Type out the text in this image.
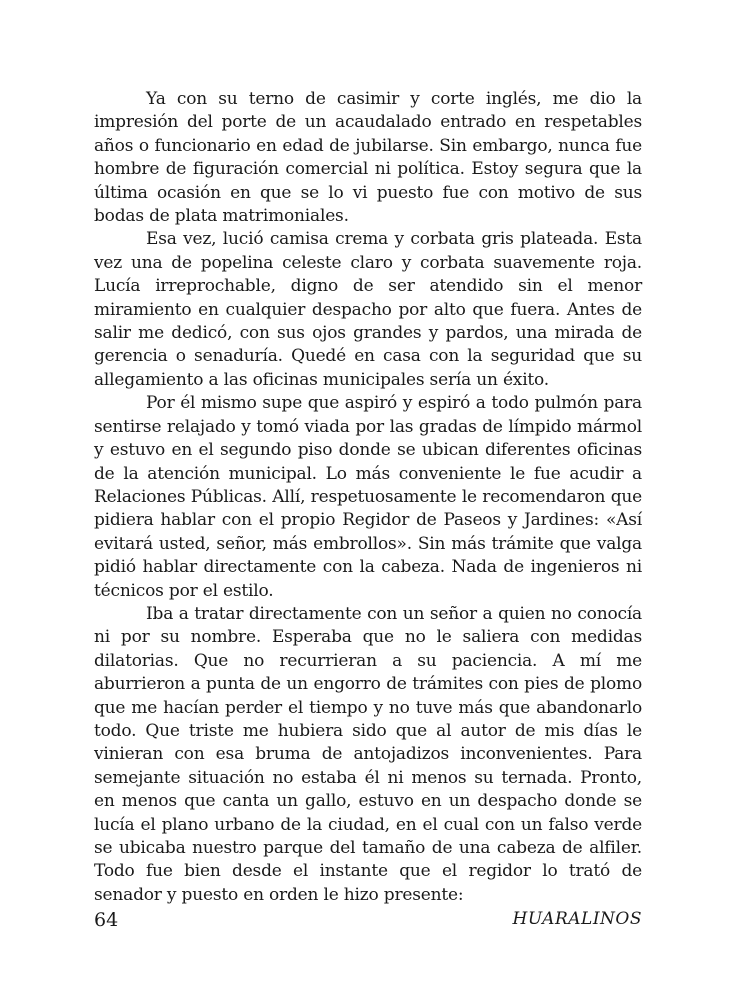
Ya con su terno de casimir y corte inglés, me dio la impresión del porte de un acaudalado entrado en respetables años o funcionario en edad de jubilarse. Sin embargo, nunca fue hombre de figuración comercial ni política. Estoy segura que la última ocasión en que se lo vi puesto fue con motivo de sus bodas de plata matrimoniales.

Esa vez, lució camisa crema y corbata gris plateada. Esta vez una de popelina celeste claro y corbata suavemente roja. Lucía irreprochable, digno de ser atendido sin el menor miramiento en cualquier despacho por alto que fuera. Antes de salir me dedicó, con sus ojos grandes y pardos, una mirada de gerencia o senaduría. Quedé en casa con la seguridad que su allegamiento a las oficinas municipales sería un éxito.

Por él mismo supe que aspiró y espiró a todo pulmón para sentirse relajado y tomó viada por las gradas de límpido mármol y estuvo en el segundo piso donde se ubican diferentes oficinas de la atención municipal. Lo más conveniente le fue acudir a Relaciones Públicas. Allí, respetuosamente le recomendaron que pidiera hablar con el propio Regidor de Paseos y Jardines: «Así evitará usted, señor, más embrollos». Sin más trámite que valga pidió hablar directamente con la cabeza. Nada de ingenieros ni técnicos por el estilo.

Iba a tratar directamente con un señor a quien no conocía ni por su nombre. Esperaba que no le saliera con medidas dilatorias. Que no recurrieran a su paciencia. A mí me aburrieron a punta de un engorro de trámites con pies de plomo que me hacían perder el tiempo y no tuve más que abandonarlo todo. Que triste me hubiera sido que al autor de mis días le vinieran con esa bruma de antojadizos inconvenientes. Para semejante situación no estaba él ni menos su ternada. Pronto, en menos que canta un gallo, estuvo en un despacho donde se lucía el plano urbano de la ciudad, en el cual con un falso verde se ubicaba nuestro parque del tamaño de una cabeza de alfiler. Todo fue bien desde el instante que el regidor lo trató de senador y puesto en orden le hizo presente:

64	HUARALINOS
